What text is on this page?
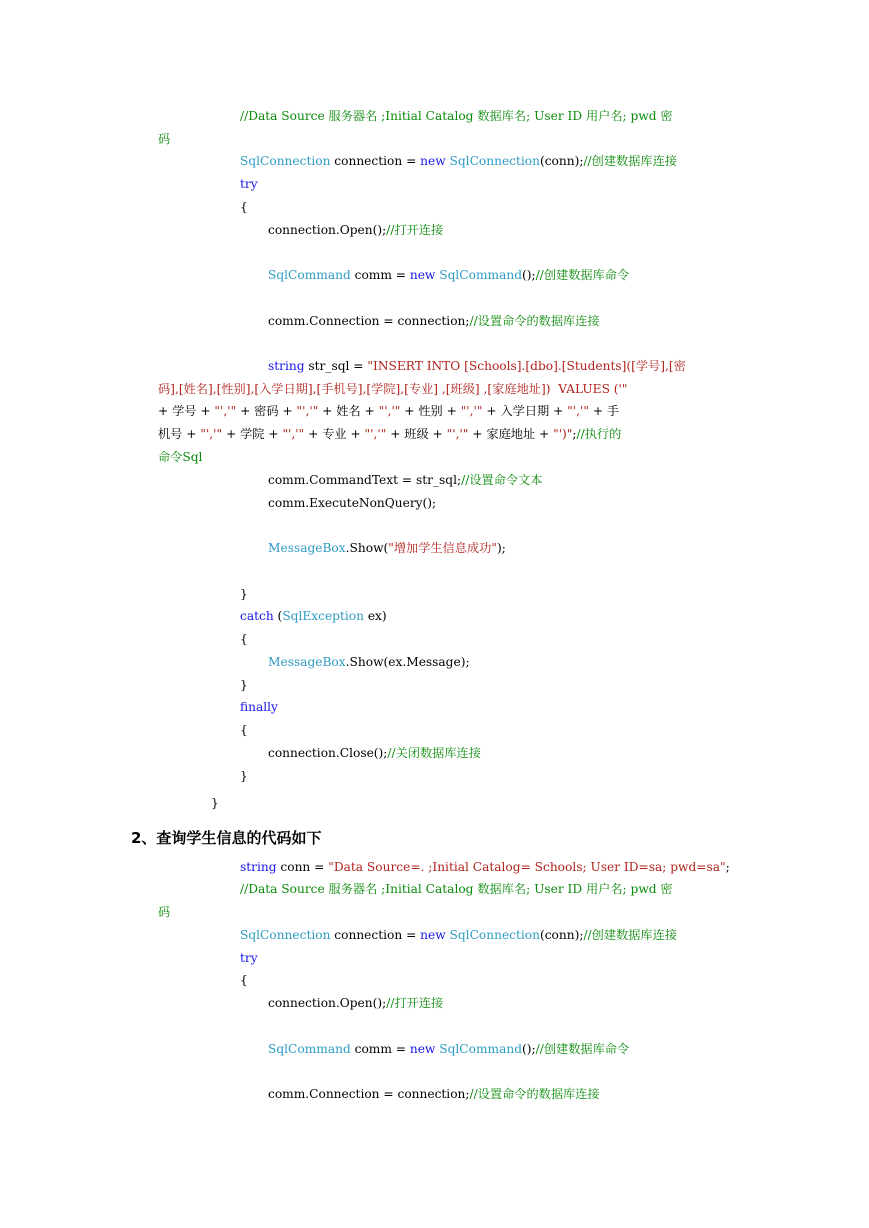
//Data Source 服务器名 ;Initial Catalog 数据库名; User ID 用户名; pwd 密
码
SqlConnection connection = new SqlConnection(conn);//创建数据库连接
try
{
connection.Open();//打开连接
SqlCommand comm = new SqlCommand();//创建数据库命令
comm.Connection = connection;//设置命令的数据库连接
string str_sql = "INSERT INTO [Schools].[dbo].[Students]([学号],[密
码],[姓名],[性别],[入学日期],[手机号],[学院],[专业] ,[班级] ,[家庭地址])  VALUES ('"
+ 学号 + "','" + 密码 + "','" + 姓名 + "','" + 性别 + "','" + 入学日期 + "','" + 手
机号 + "','" + 学院 + "','" + 专业 + "','" + 班级 + "','" + 家庭地址 + "')";//执行的
命令Sql
comm.CommandText = str_sql;//设置命令文本
comm.ExecuteNonQuery();
MessageBox.Show("增加学生信息成功");
}
catch (SqlException ex)
{
MessageBox.Show(ex.Message);
}
finally
{
connection.Close();//关闭数据库连接
}
}
2、查询学生信息的代码如下
string conn = "Data Source=. ;Initial Catalog= Schools; User ID=sa; pwd=sa";
//Data Source 服务器名 ;Initial Catalog 数据库名; User ID 用户名; pwd 密
码
SqlConnection connection = new SqlConnection(conn);//创建数据库连接
try
{
connection.Open();//打开连接
SqlCommand comm = new SqlCommand();//创建数据库命令
comm.Connection = connection;//设置命令的数据库连接
